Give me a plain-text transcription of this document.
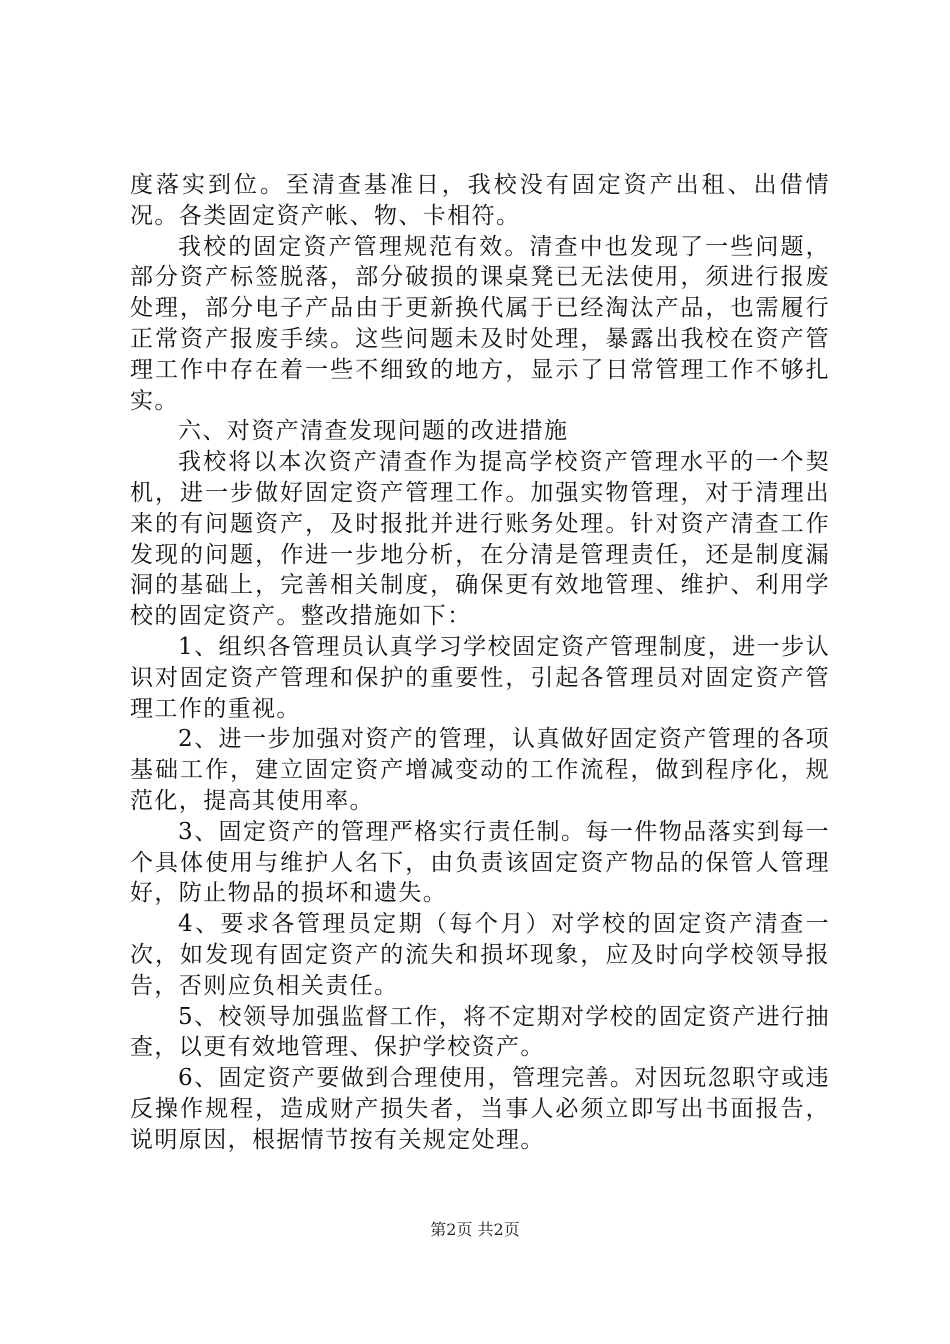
度落实到位。至清查基准日，我校没有固定资产出租、出借情况。各类固定资产帐、物、卡相符。

我校的固定资产管理规范有效。清查中也发现了一些问题，部分资产标签脱落，部分破损的课桌凳已无法使用，须进行报废处理，部分电子产品由于更新换代属于已经淘汰产品，也需履行正常资产报废手续。这些问题未及时处理，暴露出我校在资产管理工作中存在着一些不细致的地方，显示了日常管理工作不够扎实。

六、对资产清查发现问题的改进措施

我校将以本次资产清查作为提高学校资产管理水平的一个契机，进一步做好固定资产管理工作。加强实物管理，对于清理出来的有问题资产，及时报批并进行账务处理。针对资产清查工作发现的问题，作进一步地分析，在分清是管理责任，还是制度漏洞的基础上，完善相关制度，确保更有效地管理、维护、利用学校的固定资产。整改措施如下：

1、组织各管理员认真学习学校固定资产管理制度，进一步认识对固定资产管理和保护的重要性，引起各管理员对固定资产管理工作的重视。

2、进一步加强对资产的管理，认真做好固定资产管理的各项基础工作，建立固定资产增减变动的工作流程，做到程序化，规范化，提高其使用率。

3、固定资产的管理严格实行责任制。每一件物品落实到每一个具体使用与维护人名下，由负责该固定资产物品的保管人管理好，防止物品的损坏和遗失。

4、要求各管理员定期（每个月）对学校的固定资产清查一次，如发现有固定资产的流失和损坏现象，应及时向学校领导报告，否则应负相关责任。

5、校领导加强监督工作，将不定期对学校的固定资产进行抽查，以更有效地管理、保护学校资产。

6、固定资产要做到合理使用，管理完善。对因玩忽职守或违反操作规程，造成财产损失者，当事人必须立即写出书面报告，说明原因，根据情节按有关规定处理。

第2页 共2页
